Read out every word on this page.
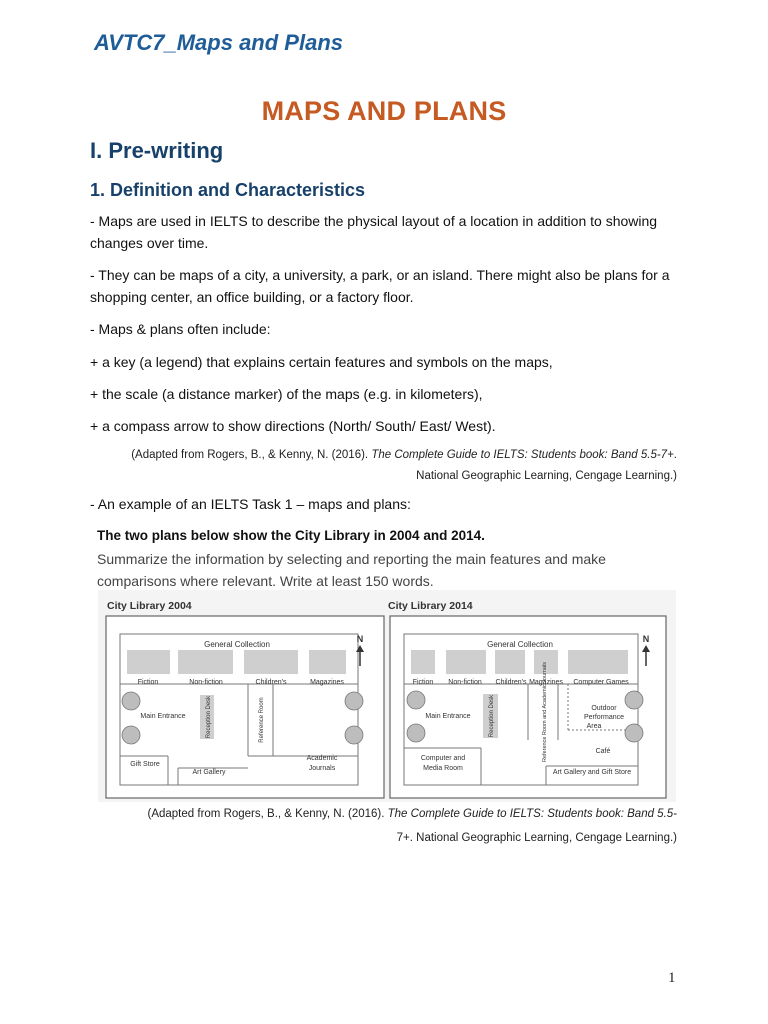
AVTC7_Maps and Plans
MAPS AND PLANS
I. Pre-writing
1. Definition and Characteristics
- Maps are used in IELTS to describe the physical layout of a location in addition to showing changes over time.
- They can be maps of a city, a university, a park, or an island. There might also be plans for a shopping center, an office building, or a factory floor.
- Maps & plans often include:
+ a key (a legend) that explains certain features and symbols on the maps,
+ the scale (a distance marker) of the maps (e.g. in kilometers),
+ a compass arrow to show directions (North/ South/ East/ West).
(Adapted from Rogers, B., & Kenny, N. (2016). The Complete Guide to IELTS: Students book: Band 5.5-7+.
National Geographic Learning, Cengage Learning.)
- An example of an IELTS Task 1 – maps and plans:
The two plans below show the City Library in 2004 and 2014.
Summarize the information by selecting and reporting the main features and make comparisons where relevant. Write at least 150 words.
City Library 2004
General Collection
Fiction	Non-fiction	Children's	Magazines
Main Entrance	Reception Desk	Reference Room
Academic
Journals
Gift Store
Art Gallery
N
City Library 2014
General Collection
Fiction Non-fiction Children's Magazines Computer Games
Main Entrance	Reception Desk	Reference Room and Academic Journals	Outdoor
Performance
Area
Café
Computer and
Media Room
Art Gallery and Gift Store
N
(Adapted from Rogers, B., & Kenny, N. (2016). The Complete Guide to IELTS: Students book: Band 5.5-
7+. National Geographic Learning, Cengage Learning.)
1
